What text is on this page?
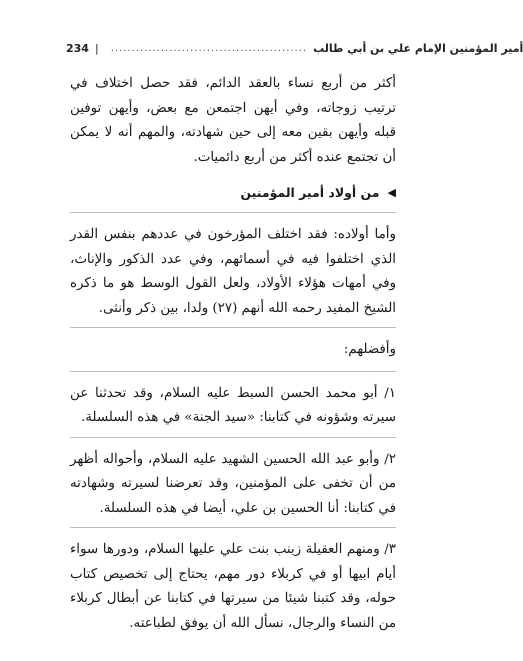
234 | ............................................... أمير المؤمنين الإمام علي بن أبي طالب

أكثر من أربع نساء بالعقد الدائم، فقد حصل اختلاف في ترتيب زوجاته، وفي أيهن اجتمعن مع بعض، وأيهن توفين قبله وأيهن بقين معه إلى حين شهادته، والمهم أنه لا يمكن أن تجتمع عنده أكثر من أربع دائميات.

◀
من أولاد أمير المؤمنين

وأما أولاده: فقد اختلف المؤرخون في عددهم بنفس القدر الذي اختلفوا فيه في أسمائهم، وفي عدد الذكور والإناث، وفي أمهات هؤلاء الأولاد، ولعل القول الوسط هو ما ذكره الشيخ المفيد رحمه الله أنهم (٢٧) ولدا، بين ذكر وأنثى.

وأفضلهم:

١/ أبو محمد الحسن السبط عليه السلام، وقد تحدثنا عن سيرته وشؤونه في كتابنا: «سيد الجنة» في هذه السلسلة.

٢/ وأبو عبد الله الحسين الشهيد عليه السلام، وأحواله أظهر من أن تخفى على المؤمنين، وقد تعرضنا لسيرته وشهادته في كتابنا: أنا الحسين بن علي، أيضا في هذه السلسلة.

٣/ ومنهم العقيلة زينب بنت علي عليها السلام، ودورها سواء أيام ابيها أو في كربلاء دور مهم، يحتاج إلى تخصيص كتاب حوله، وقد كتبنا شيئا من سيرتها في كتابنا عن أبطال كربلاء من النساء والرجال، نسأل الله أن يوفق لطباعته.
